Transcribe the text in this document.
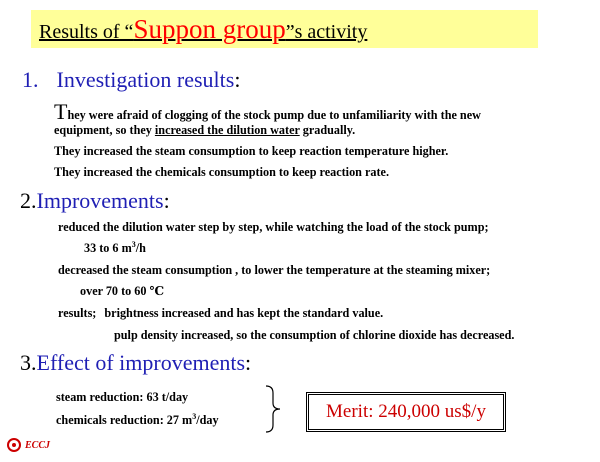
Results of “Suppon group”s activity
1. Investigation results:
They were afraid of clogging of the stock pump due to unfamiliarity with the new
equipment, so they increased the dilution water gradually.
They increased the steam consumption to keep reaction temperature higher.
They increased the chemicals consumption to keep reaction rate.
2.Improvements:
reduced the dilution water step by step, while watching the load of the stock pump;
33 to 6 $m^3/h$
decreased the steam consumption , to lower the temperature at the steaming mixer;
over 70 to 60 ℃
results; brightness increased and has kept the standard value.
pulp density increased, so the consumption of chlorine dioxide has decreased.
3.Effect of improvements:
steam reduction: 63 t/day
chemicals reduction: 27 $m^3$/day	Merit: 240,000 us$/y
ECCJ
